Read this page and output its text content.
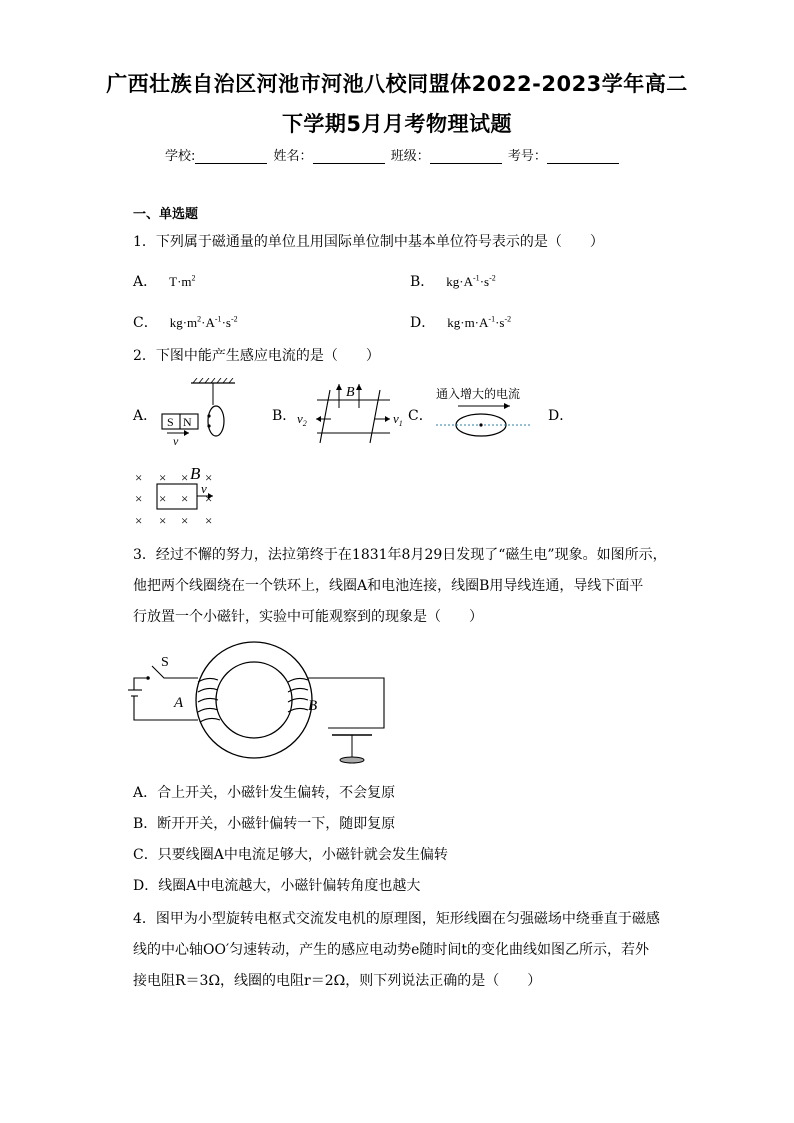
广西壮族自治区河池市河池八校同盟体2022-2023学年高二
下学期5月月考物理试题
学校:	姓名：	班级：	考号：
一、单选题
1．下列属于磁通量的单位且用国际单位制中基本单位符号表示的是（　　）
A． $T\cdot m^2$	B． $kg\cdot A^{-1}\cdot s^{-2}$
C． $kg\cdot m^2\cdot A^{-1}\cdot s^{-2}$	D． $kg\cdot m\cdot A^{-1}\cdot s^{-2}$
2．下图中能产生感应电流的是（　　）
A．	B．	C．	D．
S N
v
B
$v_2$	$v_1$
通入增大的电流
B
v
× × × ×
× × × ×
× × × ×
3．经过不懈的努力，法拉第终于在1831年8月29日发现了“磁生电”现象。如图所示，
他把两个线圈绕在一个铁环上，线圈A和电池连接，线圈B用导线连通，导线下面平
行放置一个小磁针，实验中可能观察到的现象是（　　）
A	B
S
A．合上开关，小磁针发生偏转，不会复原
B．断开开关，小磁针偏转一下，随即复原
C．只要线圈A中电流足够大，小磁针就会发生偏转
D．线圈A中电流越大，小磁针偏转角度也越大
4．图甲为小型旋转电枢式交流发电机的原理图，矩形线圈在匀强磁场中绕垂直于磁感
线的中心轴OO′匀速转动，产生的感应电动势e随时间t的变化曲线如图乙所示，若外
接电阻R＝3Ω，线圈的电阻r＝2Ω，则下列说法正确的是（　　）
